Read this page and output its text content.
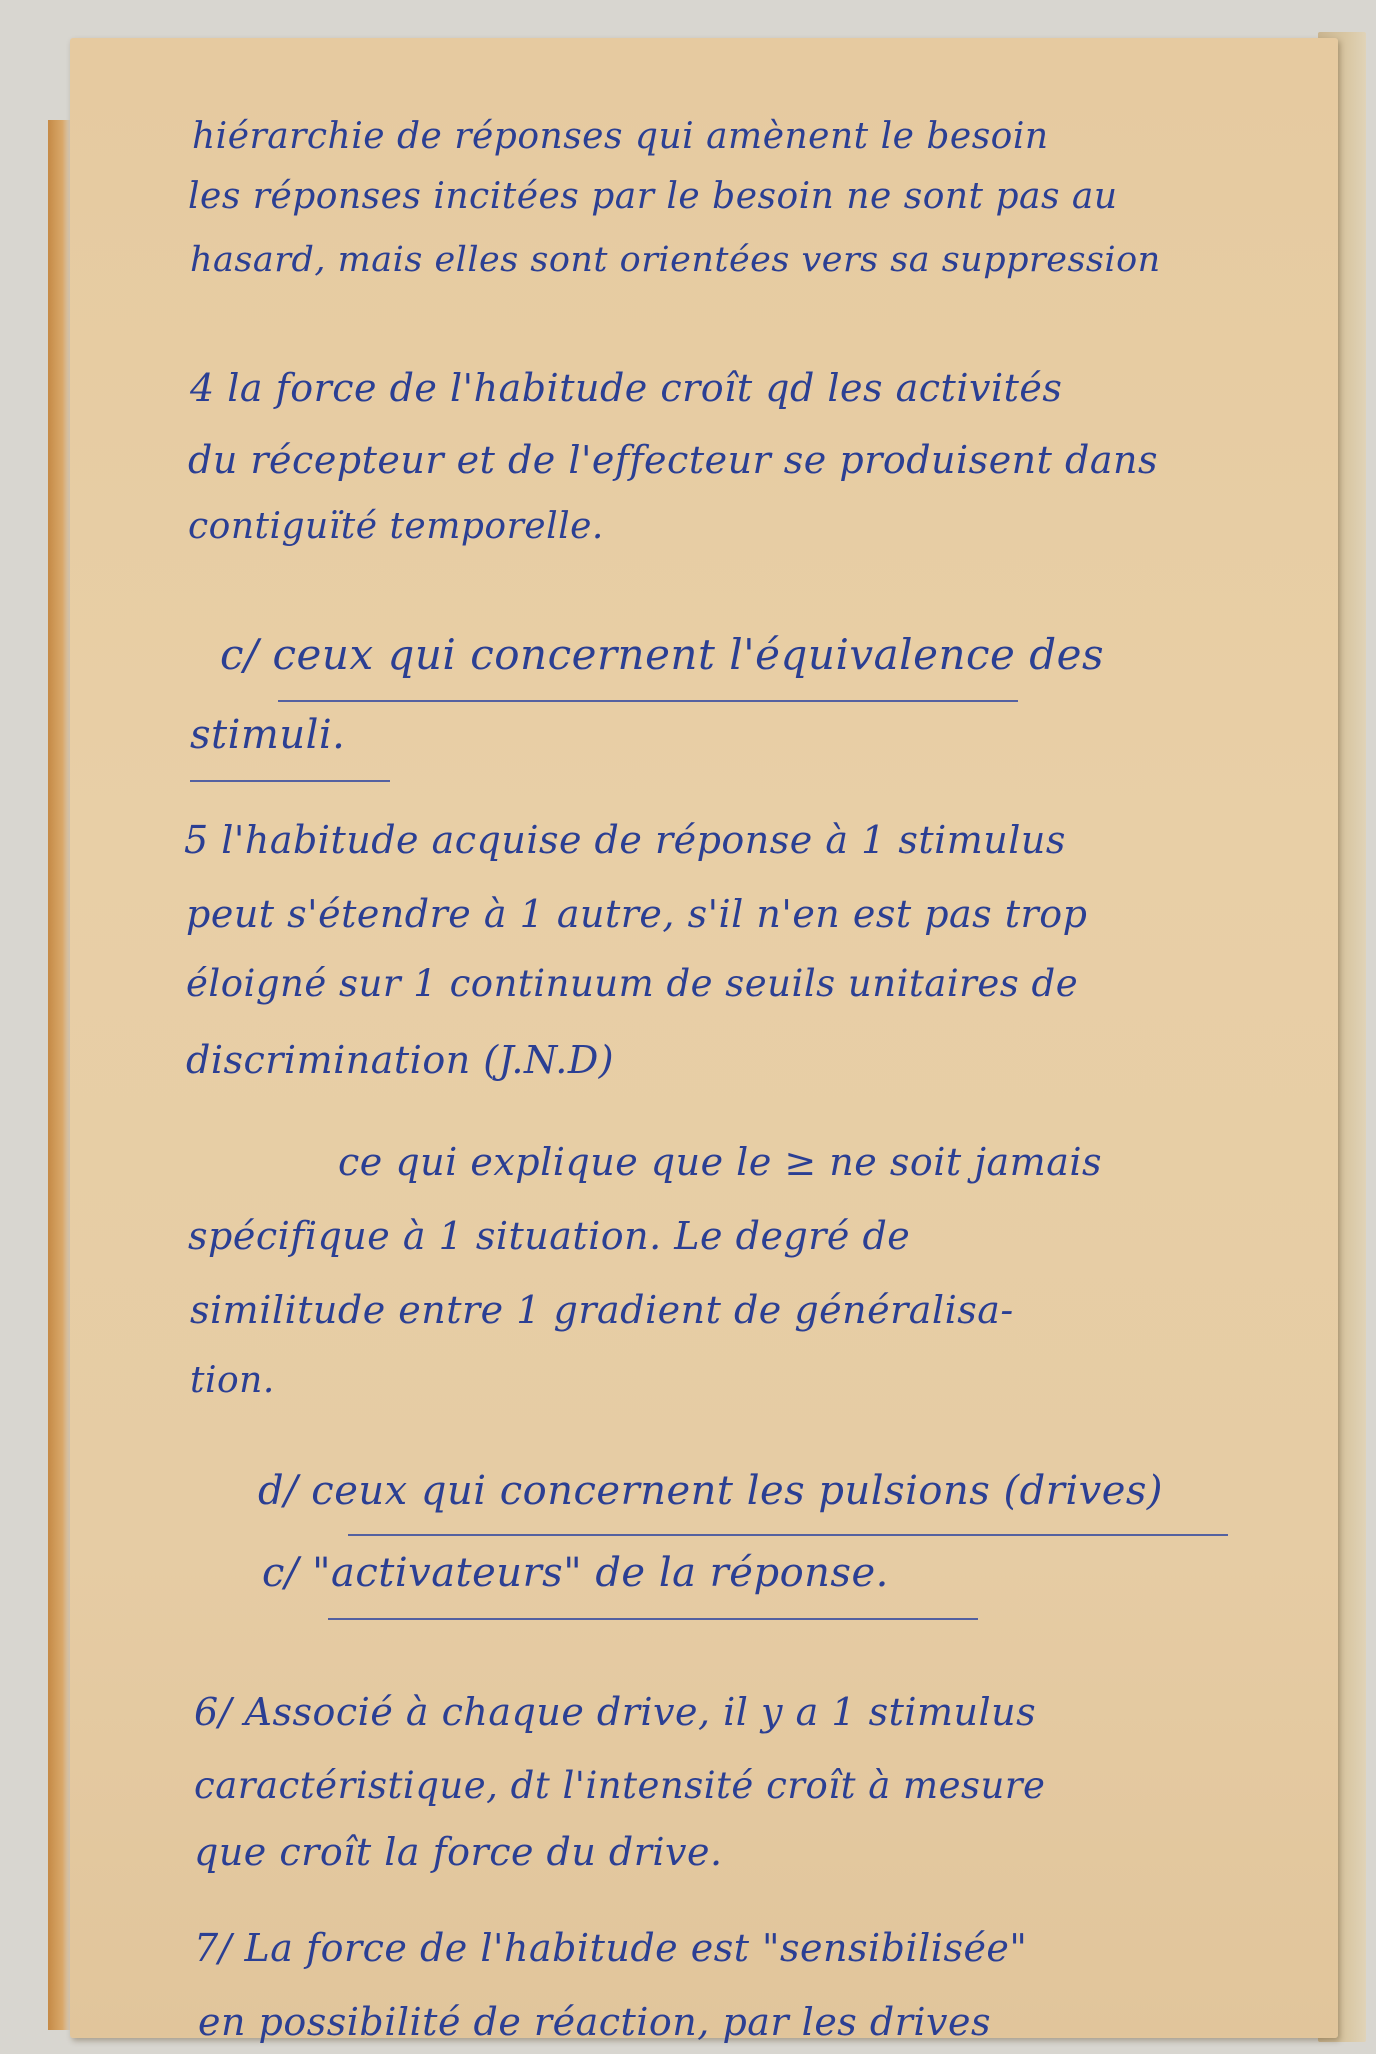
hiérarchie de réponses qui amènent le besoin
les réponses incitées par le besoin ne sont pas au
hasard, mais elles sont orientées vers sa suppression
4 la force de l'habitude croît qd les activités
du récepteur et de l'effecteur se produisent dans
contiguïté temporelle.
c/ ceux qui concernent l'équivalence des
stimuli.
5 l'habitude acquise de réponse à 1 stimulus
peut s'étendre à 1 autre, s'il n'en est pas trop
éloigné sur 1 continuum de seuils unitaires de
discrimination (J.N.D)
ce qui explique que le ≥ ne soit jamais
spécifique à 1 situation. Le degré de
similitude entre 1 gradient de généralisa-
tion.
d/ ceux qui concernent les pulsions (drives)
c/ "activateurs" de la réponse.
6/ Associé à chaque drive, il y a 1 stimulus
caractéristique, dt l'intensité croît à mesure
que croît la force du drive.
7/ La force de l'habitude est "sensibilisée"
en possibilité de réaction, par les drives
